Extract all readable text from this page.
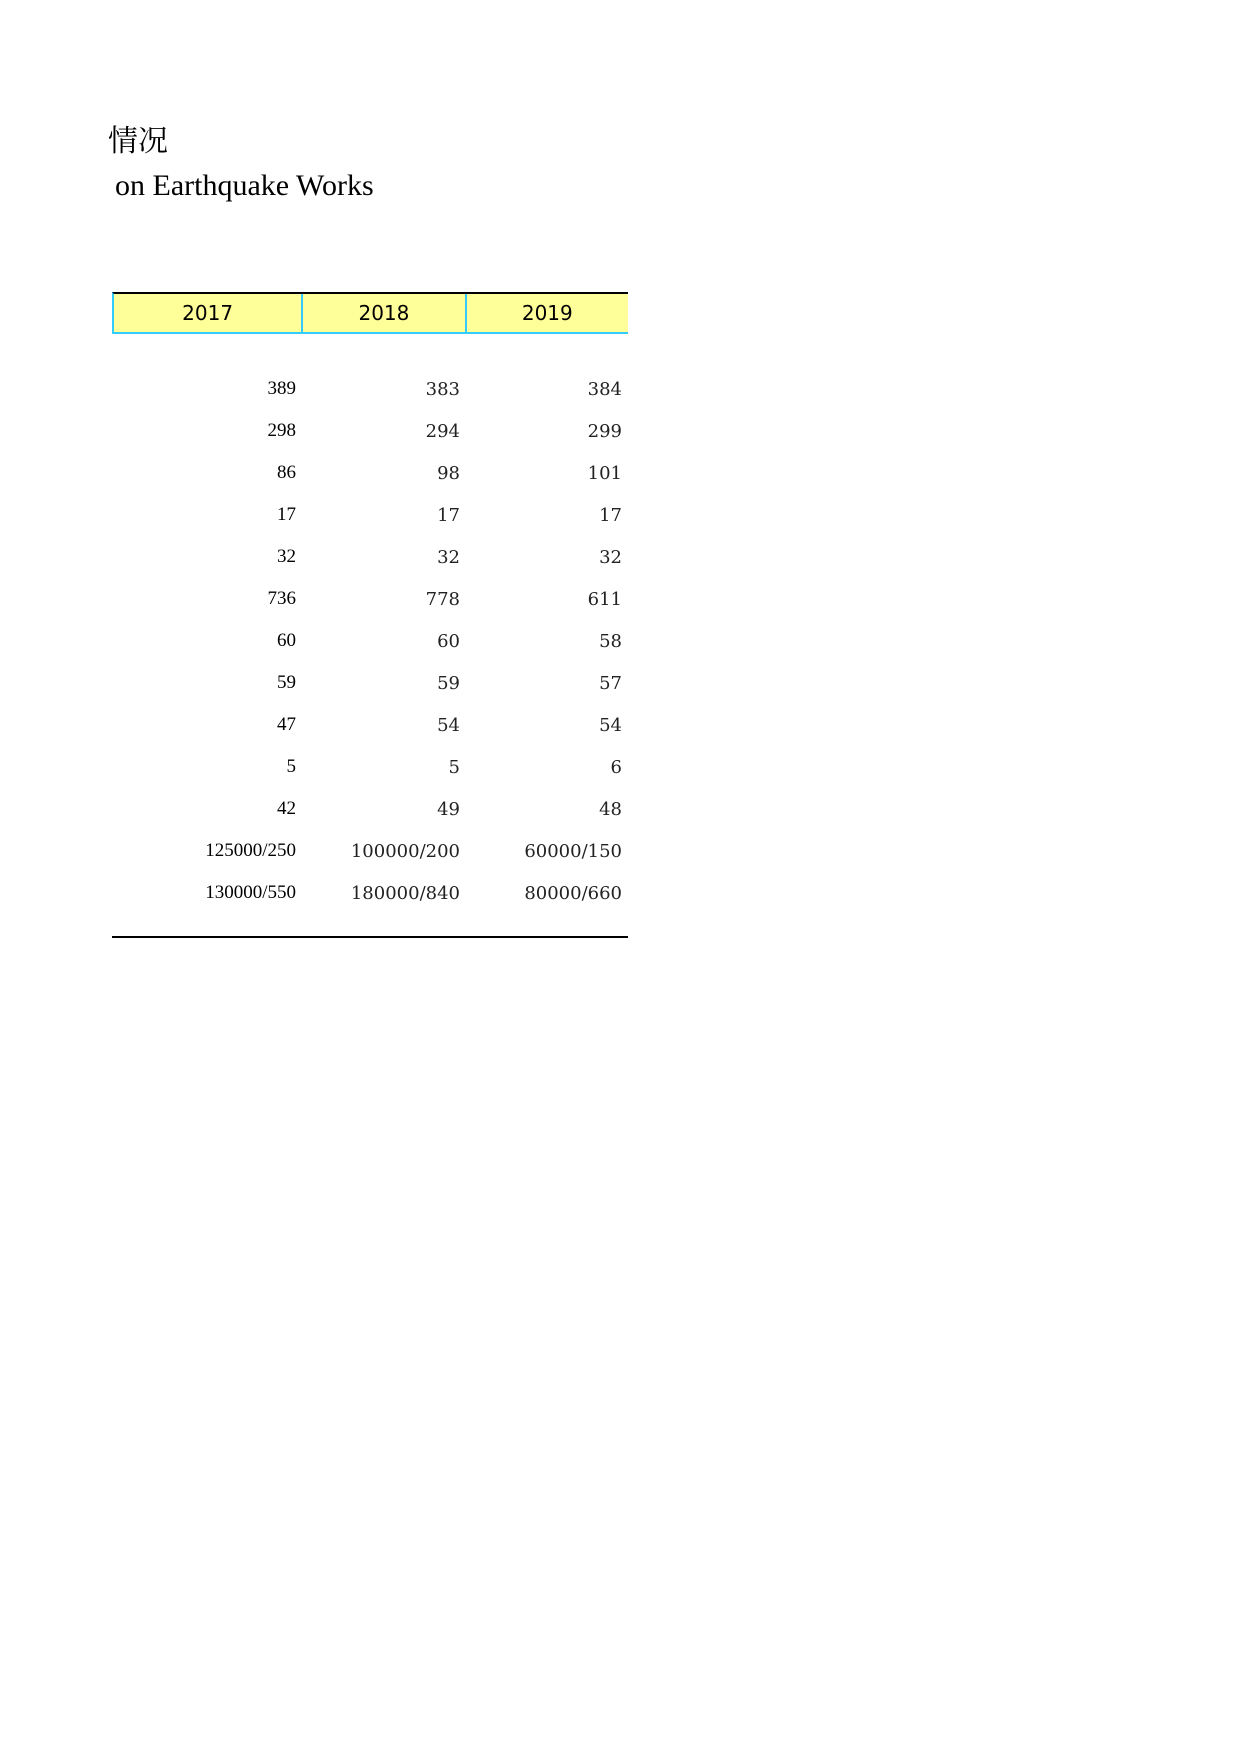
情况
on Earthquake Works
2017	2018	2019
389	383	384
298	294	299
86	98	101
17	17	17
32	32	32
736	778	611
60	60	58
59	59	57
47	54	54
5	5	6
42	49	48
125000/250	100000/200	60000/150
130000/550	180000/840	80000/660
